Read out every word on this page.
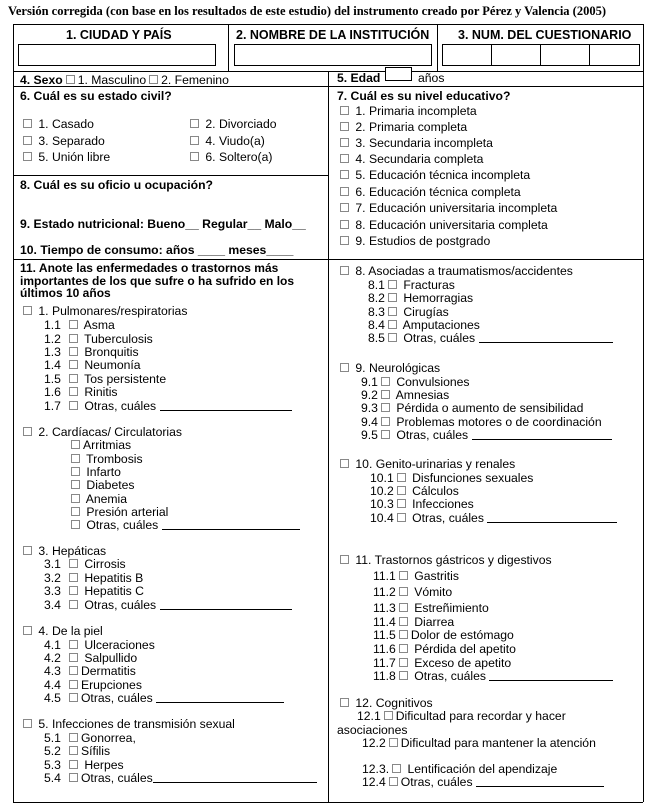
Versión corregida (con base en los resultados de este estudio) del instrumento creado por Pérez y Valencia (2005)
1. CIUDAD Y PAÍS	2. NOMBRE DE LA INSTITUCIÓN 3. NUM. DEL CUESTIONARIO
4. Sexo 1. Masculino 2. Femenino	5. Edad	años
6. Cuál es su estado civil?
1. Casado	2. Divorciado
3. Separado	4. Viudo(a)
5. Unión libre	6. Soltero(a)
8. Cuál es su oficio u ocupación?
9. Estado nutricional: Bueno__ Regular__ Malo__
10. Tiempo de consumo: años ____ meses____
7. Cuál es su nivel educativo?
1. Primaria incompleta
2. Primaria completa
3. Secundaria incompleta
4. Secundaria completa
5. Educación técnica incompleta
6. Educación técnica completa
7. Educación universitaria incompleta
8. Educación universitaria completa
9. Estudios de postgrado
11. Anote las enfermedades o trastornos más
importantes de los que sufre o ha sufrido en los
últimos 10 años
1. Pulmonares/respiratorias
1.1 Asma
1.2 Tuberculosis
1.3 Bronquitis
1.4 Neumonía
1.5 Tos persistente
1.6 Rinitis
1.7 Otras, cuáles
2. Cardíacas/ Circulatorias
Arritmias
Trombosis
Infarto
Diabetes
Anemia
Presión arterial
Otras, cuáles
3. Hepáticas
3.1 Cirrosis
3.2 Hepatitis B
3.3 Hepatitis C
3.4 Otras, cuáles
4. De la piel
4.1 Ulceraciones
4.2 Salpullido
4.3 Dermatitis
4.4 Erupciones
4.5 Otras, cuáles
5. Infecciones de transmisión sexual
5.1 Gonorrea,
5.2 Sífilis
5.3 Herpes
5.4 Otras, cuáles
8. Asociadas a traumatismos/accidentes
8.1 Fracturas
8.2 Hemorragias
8.3 Cirugías
8.4 Amputaciones
8.5 Otras, cuáles
9. Neurológicas
9.1 Convulsiones
9.2 Amnesias
9.3 Pérdida o aumento de sensibilidad
9.4 Problemas motores o de coordinación
9.5 Otras, cuáles
10. Genito-urinarias y renales
10.1 Disfunciones sexuales
10.2 Cálculos
10.3 Infecciones
10.4 Otras, cuáles
11. Trastornos gástricos y digestivos
11.1 Gastritis
11.2 Vómito
11.3 Estreñimiento
11.4 Diarrea
11.5 Dolor de estómago
11.6 Pérdida del apetito
11.7 Exceso de apetito
11.8 Otras, cuáles
12. Cognitivos
12.1 Dificultad para recordar y hacer
asociaciones
12.2 Dificultad para mantener la atención
12.3. Lentificación del apendizaje
12.4 Otras, cuáles
